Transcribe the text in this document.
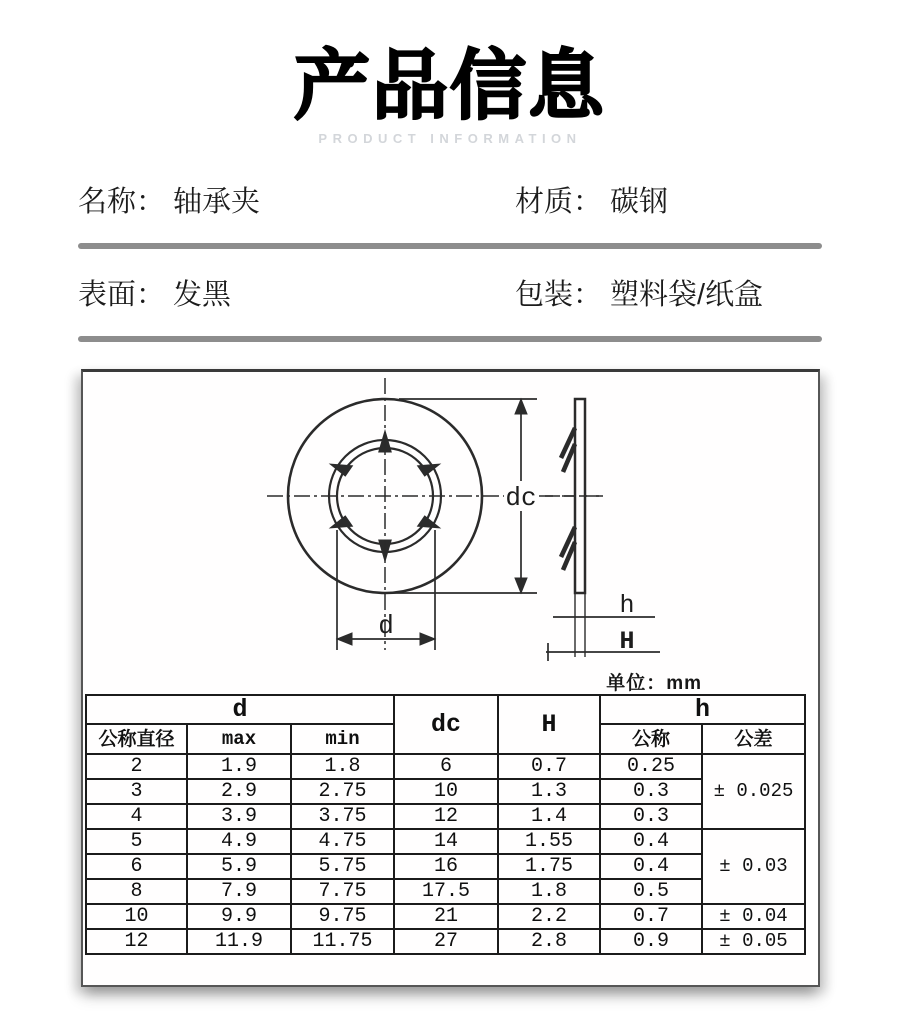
产品信息
PRODUCT INFORMATION
名称： 轴承夹	材质： 碳钢
表面： 发黑	包装： 塑料袋/纸盒
dc
d
h
H
单位：mm
d			dc	H	h	
公称直径	max	min			公称	公差
2	1.9	1.8	6	0.7	0.25	± 0.025
3	2.9	2.75	10	1.3	0.3	
4	3.9	3.75	12	1.4	0.3	
5	4.9	4.75	14	1.55	0.4	± 0.03
6	5.9	5.75	16	1.75	0.4	
8	7.9	7.75	17.5	1.8	0.5	
10	9.9	9.75	21	2.2	0.7	± 0.04
12	11.9	11.75	27	2.8	0.9	± 0.05
